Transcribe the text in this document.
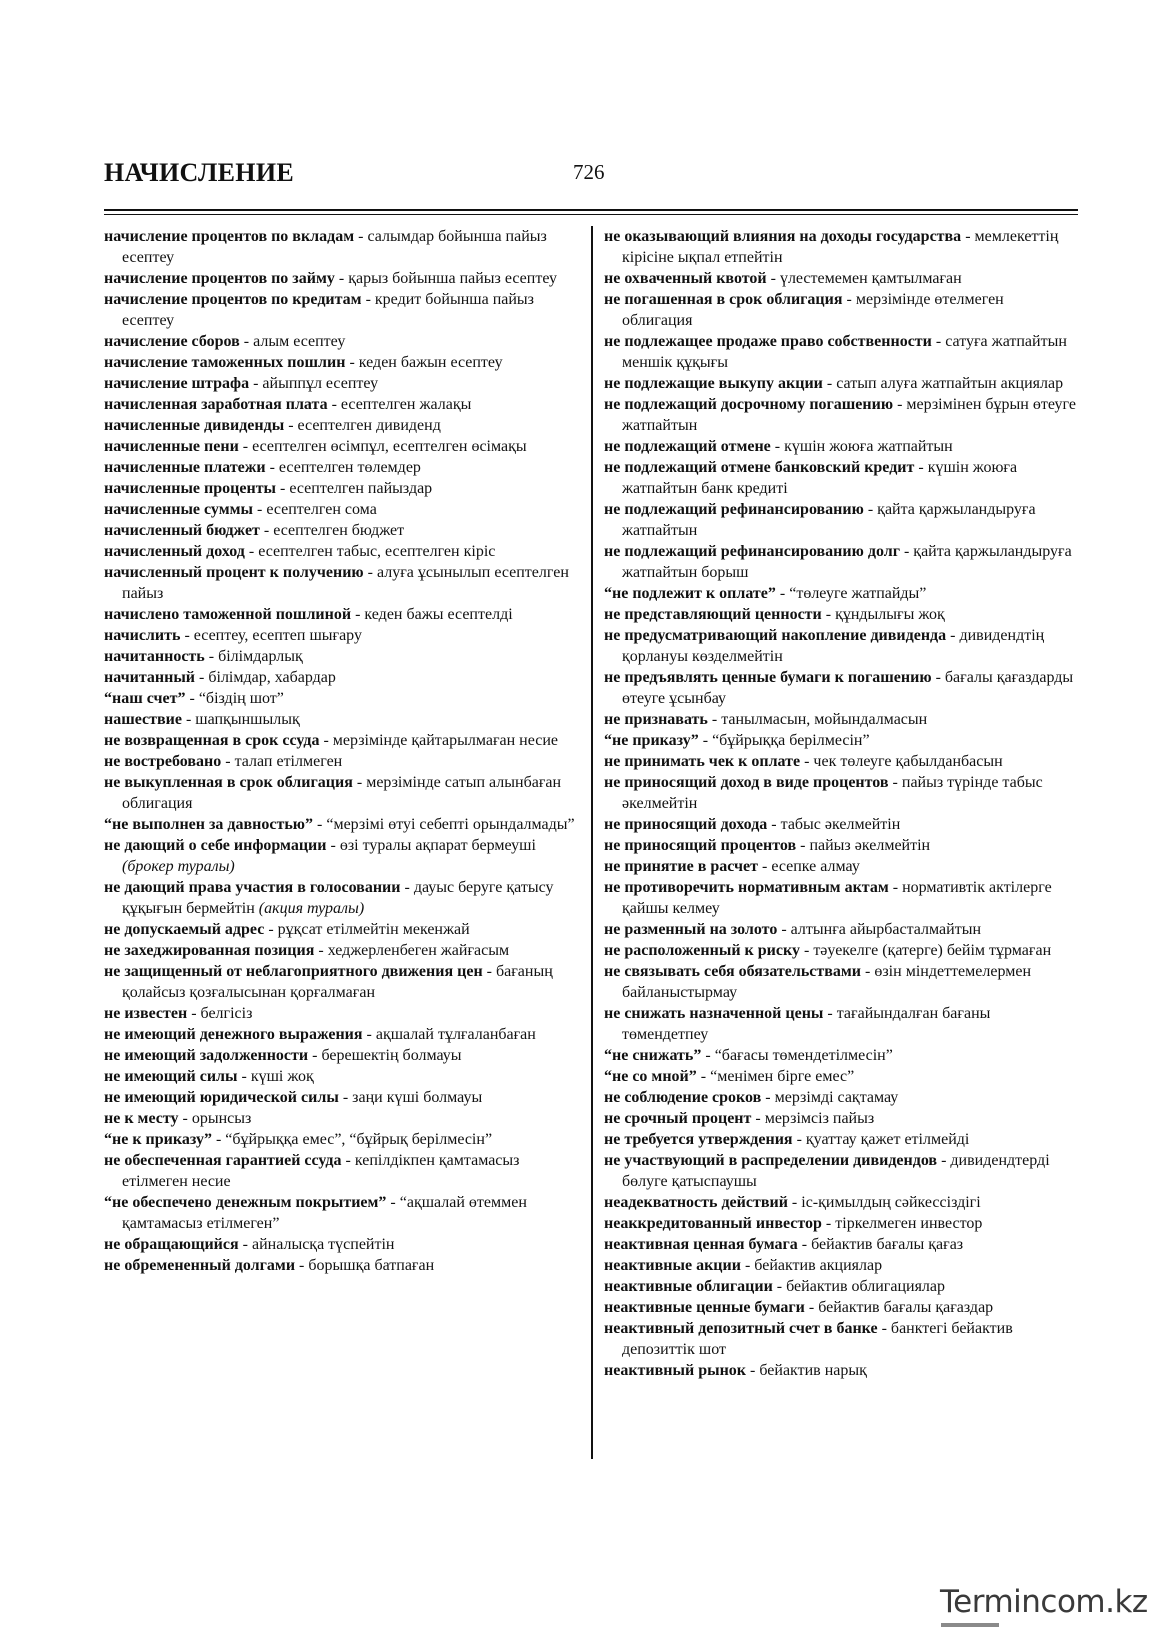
НАЧИСЛЕНИЕ	726
начисление процентов по вкладам - салымдар бойынша пайыз есептеу
начисление процентов по займу - қарыз бойынша пайыз есептеу
начисление процентов по кредитам - кредит бойынша пайыз есептеу
начисление сборов - алым есептеу
начисление таможенных пошлин - кеден бажын есептеу
начисление штрафа - айыппұл есептеу
начисленная заработная плата - есептелген жалақы
начисленные дивиденды - есептелген дивиденд
начисленные пени - есептелген өсімпұл, есептелген өсімақы
начисленные платежи - есептелген төлемдер
начисленные проценты - есептелген пайыздар
начисленные суммы - есептелген сома
начисленный бюджет - есептелген бюджет
начисленный доход - есептелген табыс, есептелген кіріс
начисленный процент к получению - алуға ұсынылып есептелген пайыз
начислено таможенной пошлиной - кеден бажы есептелді
начислить - есептеу, есептеп шығару
начитанность - білімдарлық
начитанный - білімдар, хабардар
“наш счет” - “біздің шот”
нашествие - шапқыншылық
не возвращенная в срок ссуда - мерзімінде қайтарылмаған несие
не востребовано - талап етілмеген
не выкупленная в срок облигация - мерзімінде сатып алынбаған облигация
“не выполнен за давностью” - “мерзімі өтуі себепті орындалмады”
не дающий о себе информации - өзі туралы ақпарат бермеуші (брокер туралы)
не дающий права участия в голосовании - дауыс беруге қатысу құқығын бермейтін (акция туралы)
не допускаемый адрес - рұқсат етілмейтін мекенжай
не захеджированная позиция - хеджерленбеген жайғасым
не защищенный от неблагоприятного движения цен - бағаның қолайсыз қозғалысынан қорғалмаған
не известен - белгісіз
не имеющий денежного выражения - ақшалай тұлғаланбаған
не имеющий задолженности - берешектің болмауы
не имеющий силы - күші жоқ
не имеющий юридической силы - заңи күші болмауы
не к месту - орынсыз
“не к приказу” - “бұйрыққа емес”, “бұйрық берілмесін”
не обеспеченная гарантией ссуда - кепілдікпен қамтамасыз етілмеген несие
“не обеспечено денежным покрытием” - “ақшалай өтеммен қамтамасыз етілмеген”
не обращающийся - айналысқа түспейтін
не обремененный долгами - борышқа батпаған
не оказывающий влияния на доходы государства - мемлекеттің кірісіне ықпал етпейтін
не охваченный квотой - үлестемемен қамтылмаған
не погашенная в срок облигация - мерзімінде өтелмеген облигация
не подлежащее продаже право собственности - сатуға жатпайтын меншік құқығы
не подлежащие выкупу акции - сатып алуға жатпайтын акциялар
не подлежащий досрочному погашению - мерзімінен бұрын өтеуге жатпайтын
не подлежащий отмене - күшін жоюға жатпайтын
не подлежащий отмене банковский кредит - күшін жоюға жатпайтын банк кредиті
не подлежащий рефинансированию - қайта қаржыландыруға жатпайтын
не подлежащий рефинансированию долг - қайта қаржыландыруға жатпайтын борыш
“не подлежит к оплате” - “төлеуге жатпайды”
не представляющий ценности - құндылығы жоқ
не предусматривающий накопление дивиденда - дивидендтің қорлануы көзделмейтін
не предъявлять ценные бумаги к погашению - бағалы қағаздарды өтеуге ұсынбау
не признавать - танылмасын, мойындалмасын
“не приказу” - “бұйрыққа берілмесін”
не принимать чек к оплате - чек төлеуге қабылданбасын
не приносящий доход в виде процентов - пайыз түрінде табыс әкелмейтін
не приносящий дохода - табыс әкелмейтін
не приносящий процентов - пайыз әкелмейтін
не принятие в расчет - есепке алмау
не противоречить нормативным актам - нормативтік актілерге қайшы келмеу
не разменный на золото - алтынға айырбасталмайтын
не расположенный к риску - тәуекелге (қатерге) бейім тұрмаған
не связывать себя обязательствами - өзін міндеттемелермен байланыстырмау
не снижать назначенной цены - тағайындалған бағаны төмендетпеу
“не снижать” - “бағасы төмендетілмесін”
“не со мной” - “менімен бірге емес”
не соблюдение сроков - мерзімді сақтамау
не срочный процент - мерзімсіз пайыз
не требуется утверждения - қуаттау қажет етілмейді
не участвующий в распределении дивидендов - дивидендтерді бөлуге қатыспаушы
неадекватность действий - іс-қимылдың сәйкессіздігі
неаккредитованный инвестор - тіркелмеген инвестор
неактивная ценная бумага - бейактив бағалы қағаз
неактивные акции - бейактив акциялар
неактивные облигации - бейактив облигациялар
неактивные ценные бумаги - бейактив бағалы қағаздар
неактивный депозитный счет в банке - банктегі бейактив депозиттік шот
неактивный рынок - бейактив нарық
Termincom.kz
